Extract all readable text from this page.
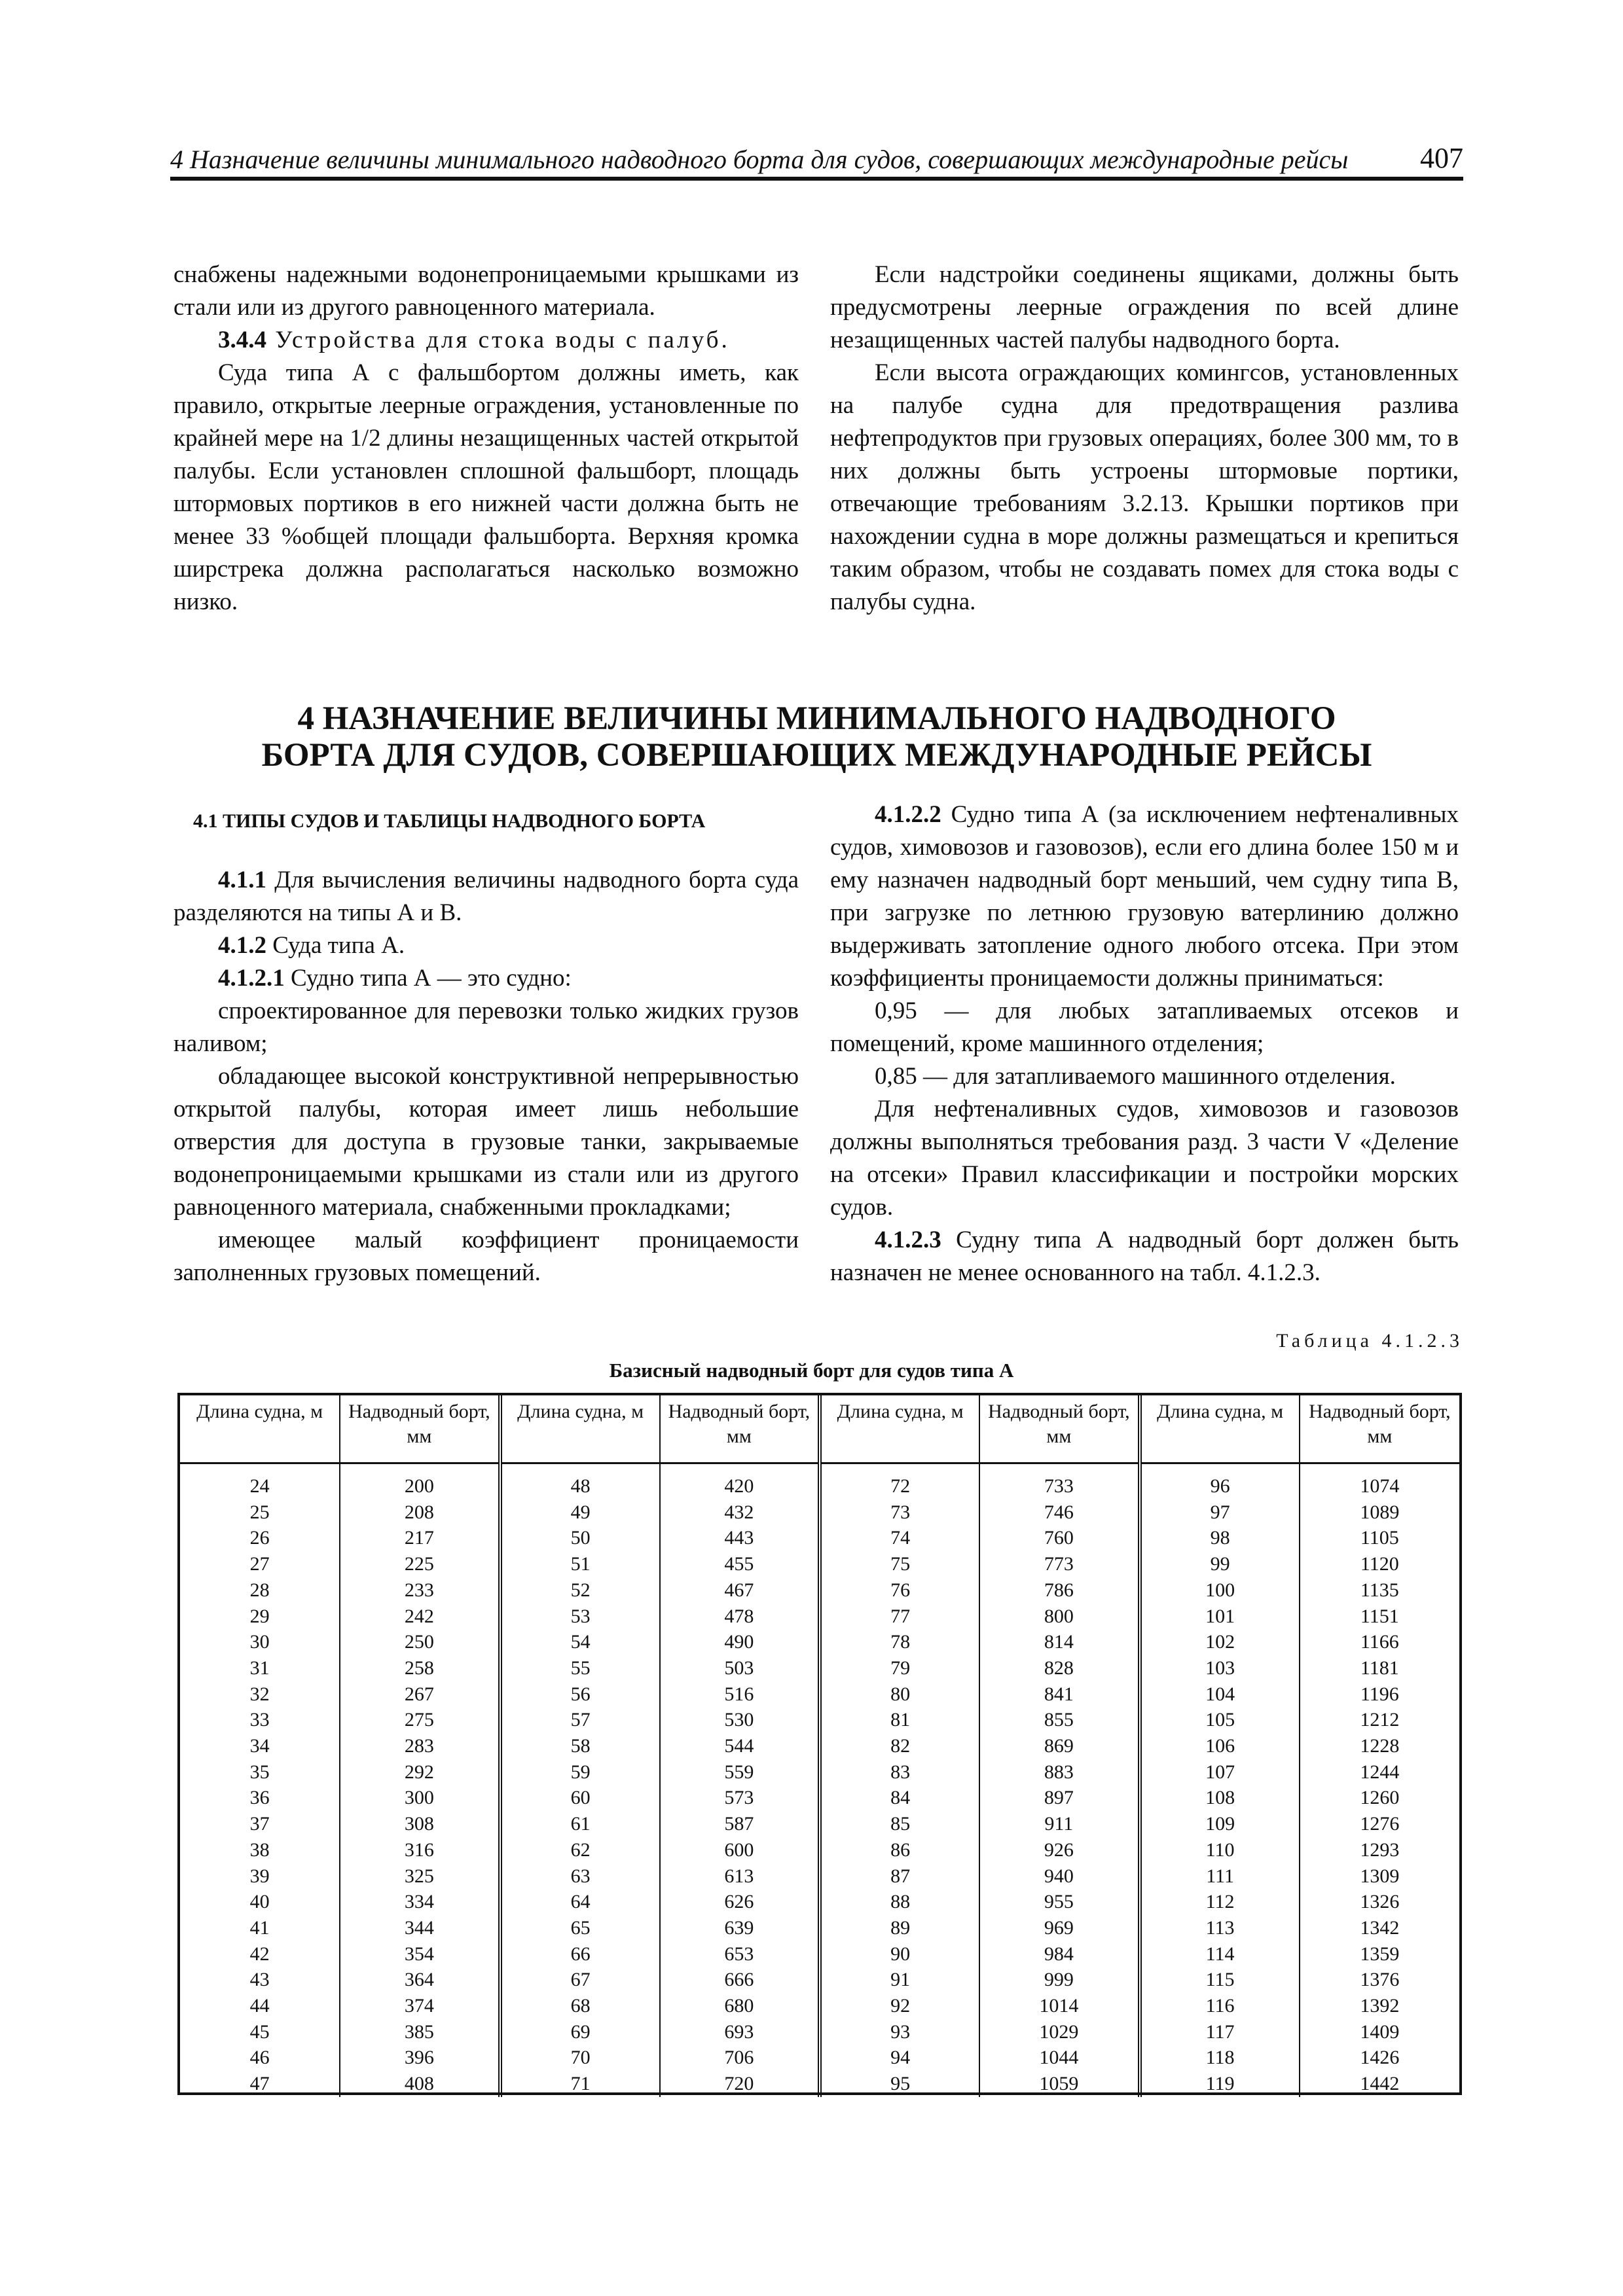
4 Назначение величины минимального надводного борта для судов, совершающих международные рейсы 407

снабжены надежными водонепроницаемыми крышками из стали или из другого равноценного материала.

3.4.4 Устройства для стока воды с палуб.

Суда типа А с фальшбортом должны иметь, как правило, открытые леерные ограждения, установленные по крайней мере на 1/2 длины незащищенных частей открытой палубы. Если установлен сплошной фальшборт, площадь штормовых портиков в его нижней части должна быть не менее 33 %общей площади фальшборта. Верхняя кромка ширстрека должна располагаться насколько возможно низко.

Если надстройки соединены ящиками, должны быть предусмотрены леерные ограждения по всей длине незащищенных частей палубы надводного борта.

Если высота ограждающих комингсов, установленных на палубе судна для предотвращения разлива нефтепродуктов при грузовых операциях, более 300 мм, то в них должны быть устроены штормовые портики, отвечающие требованиям 3.2.13. Крышки портиков при нахождении судна в море должны размещаться и крепиться таким образом, чтобы не создавать помех для стока воды с палубы судна.

4 НАЗНАЧЕНИЕ ВЕЛИЧИНЫ МИНИМАЛЬНОГО НАДВОДНОГО
БОРТА ДЛЯ СУДОВ, СОВЕРШАЮЩИХ МЕЖДУНАРОДНЫЕ РЕЙСЫ
4.1 ТИПЫ СУДОВ И ТАБЛИЦЫ НАДВОДНОГО БОРТА

4.1.1 Для вычисления величины надводного борта суда разделяются на типы А и В.

4.1.2 Суда типа А.

4.1.2.1 Судно типа А — это судно:

спроектированное для перевозки только жидких грузов наливом;

обладающее высокой конструктивной непрерывностью открытой палубы, которая имеет лишь небольшие отверстия для доступа в грузовые танки, закрываемые водонепроницаемыми крышками из стали или из другого равноценного материала, снабженными прокладками;

имеющее малый коэффициент проницаемости заполненных грузовых помещений.

4.1.2.2 Судно типа А (за исключением нефтеналивных судов, химовозов и газовозов), если его длина более 150 м и ему назначен надводный борт меньший, чем судну типа В, при загрузке по летнюю грузовую ватерлинию должно выдерживать затопление одного любого отсека. При этом коэффициенты проницаемости должны приниматься:

0,95 — для любых затапливаемых отсеков и помещений, кроме машинного отделения;

0,85 — для затапливаемого машинного отделения.

Для нефтеналивных судов, химовозов и газовозов должны выполняться требования разд. 3 части V «Деление на отсеки» Правил классификации и постройки морских судов.

4.1.2.3 Судну типа А надводный борт должен быть назначен не менее основанного на табл. 4.1.2.3.

Таблица 4.1.2.3
Базисный надводный борт для судов типа А
Длина судна, м	Надводный борт, мм	Длина судна, м	Надводный борт, мм	Длина судна, м	Надводный борт, мм	Длина судна, м	Надводный борт, мм
24	200	48	420	72	733	96	1074
25	208	49	432	73	746	97	1089
26	217	50	443	74	760	98	1105
27	225	51	455	75	773	99	1120
28	233	52	467	76	786	100	1135
29	242	53	478	77	800	101	1151
30	250	54	490	78	814	102	1166
31	258	55	503	79	828	103	1181
32	267	56	516	80	841	104	1196
33	275	57	530	81	855	105	1212
34	283	58	544	82	869	106	1228
35	292	59	559	83	883	107	1244
36	300	60	573	84	897	108	1260
37	308	61	587	85	911	109	1276
38	316	62	600	86	926	110	1293
39	325	63	613	87	940	111	1309
40	334	64	626	88	955	112	1326
41	344	65	639	89	969	113	1342
42	354	66	653	90	984	114	1359
43	364	67	666	91	999	115	1376
44	374	68	680	92	1014	116	1392
45	385	69	693	93	1029	117	1409
46	396	70	706	94	1044	118	1426
47	408	71	720	95	1059	119	1442
